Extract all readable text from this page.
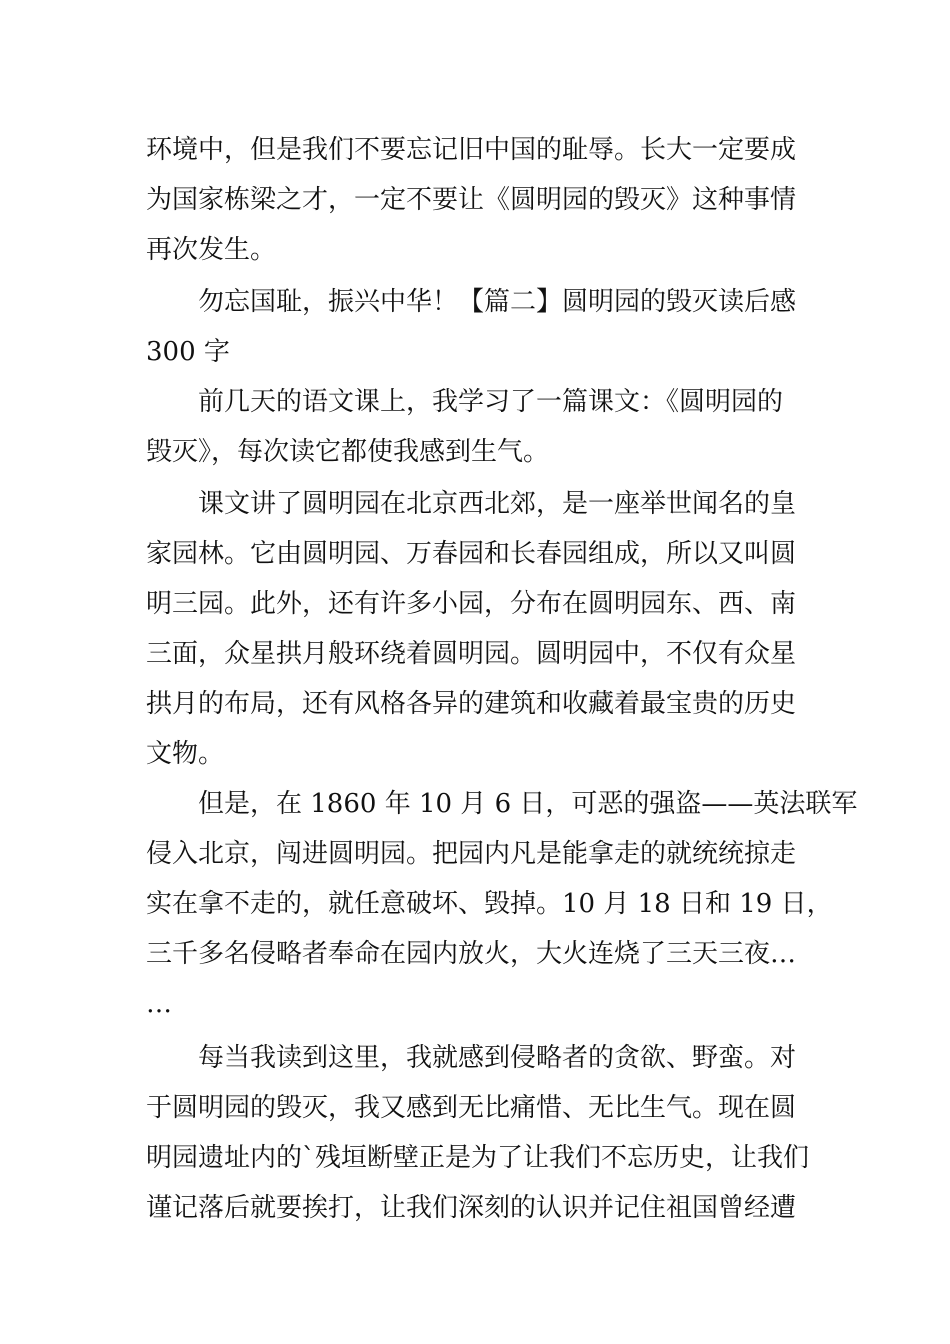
环境中，但是我们不要忘记旧中国的耻辱。长大一定要成
为国家栋梁之才，一定不要让《圆明园的毁灭》这种事情
再次发生。
勿忘国耻，振兴中华！【篇二】圆明园的毁灭读后感
300 字
前几天的语文课上，我学习了一篇课文：《圆明园的
毁灭》，每次读它都使我感到生气。
课文讲了圆明园在北京西北郊，是一座举世闻名的皇
家园林。它由圆明园、万春园和长春园组成，所以又叫圆
明三园。此外，还有许多小园，分布在圆明园东、西、南
三面，众星拱月般环绕着圆明园。圆明园中，不仅有众星
拱月的布局，还有风格各异的建筑和收藏着最宝贵的历史
文物。
但是，在 1860 年 10 月 6 日，可恶的强盗——英法联军
侵入北京，闯进圆明园。把园内凡是能拿走的就统统掠走
实在拿不走的，就任意破坏、毁掉。10 月 18 日和 19 日，
三千多名侵略者奉命在园内放火，大火连烧了三天三夜…
…
每当我读到这里，我就感到侵略者的贪欲、野蛮。对
于圆明园的毁灭，我又感到无比痛惜、无比生气。现在圆
明园遗址内的`残垣断壁正是为了让我们不忘历史，让我们
谨记落后就要挨打，让我们深刻的认识并记住祖国曾经遭
